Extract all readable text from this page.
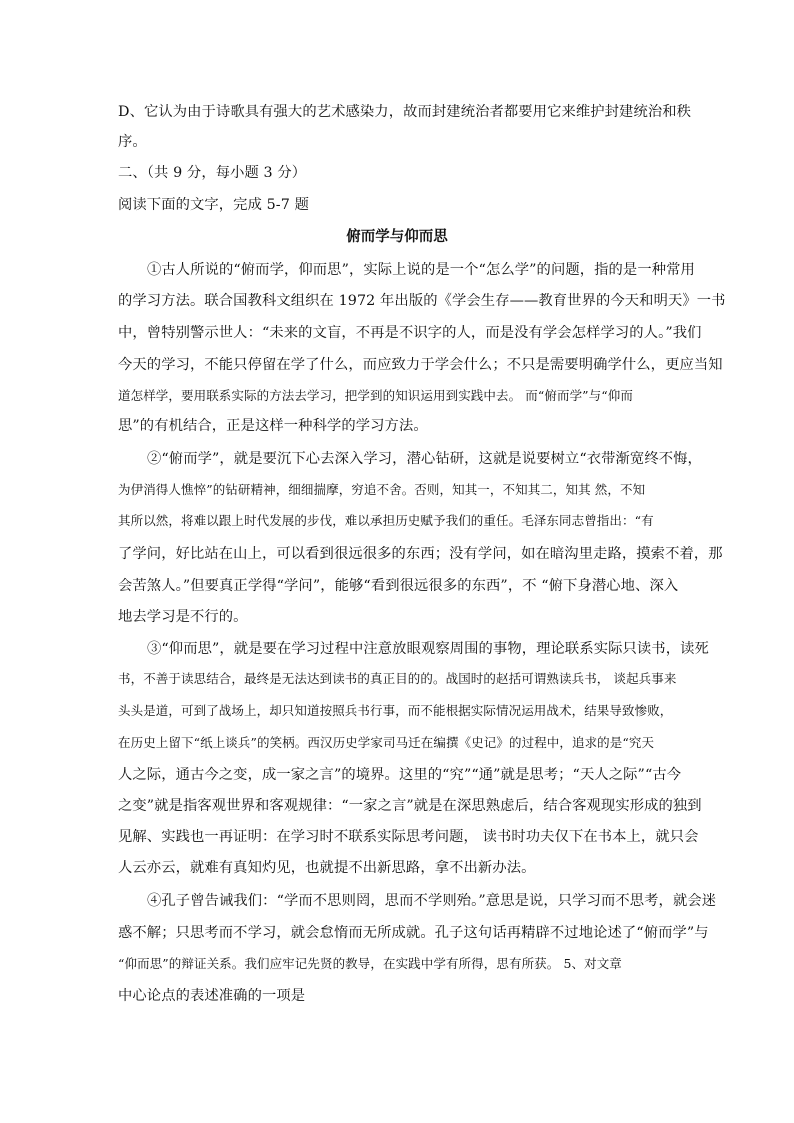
D、它认为由于诗歌具有强大的艺术感染力，故而封建统治者都要用它来维护封建统治和秩
序。
二、（共 9 分，每小题 3 分）
阅读下面的文字，完成 5-7 题
俯而学与仰而思
①古人所说的“俯而学，仰而思”，实际上说的是一个“怎么学”的问题，指的是一种常用
的学习方法。联合国教科文组织在 1972 年出版的《学会生存——教育世界的今天和明天》一书
中，曾特别警示世人：“未来的文盲，不再是不识字的人，而是没有学会怎样学习的人。”我们
今天的学习，不能只停留在学了什么，而应致力于学会什么；不只是需要明确学什么，更应当知
道怎样学，要用联系实际的方法去学习，把学到的知识运用到实践中去。 而“俯而学”与“仰而
思”的有机结合，正是这样一种科学的学习方法。
②“俯而学”，就是要沉下心去深入学习，潜心钻研，这就是说要树立“衣带渐宽终不悔，
为伊消得人憔悴”的钻研精神，细细揣摩，穷追不舍。否则，知其一，不知其二，知其 然，不知
其所以然，将难以跟上时代发展的步伐，难以承担历史赋予我们的重任。毛泽东同志曾指出：“有
了学问，好比站在山上，可以看到很远很多的东西；没有学问，如在暗沟里走路，摸索不着，那
会苦煞人。”但要真正学得“学问”，能够“看到很远很多的东西”，不 “俯下身潜心地、深入
地去学习是不行的。
③“仰而思”，就是要在学习过程中注意放眼观察周围的事物，理论联系实际只读书，读死
书，不善于读思结合，最终是无法达到读书的真正目的的。战国时的赵括可谓熟读兵书， 谈起兵事来
头头是道，可到了战场上，却只知道按照兵书行事，而不能根据实际情况运用战术，结果导致惨败，
在历史上留下“纸上谈兵”的笑柄。西汉历史学家司马迁在编撰《史记》的过程中，追求的是“究天
人之际，通古今之变，成一家之言”的境界。这里的“究”“通”就是思考；“天人之际”“古今
之变”就是指客观世界和客观规律：“一家之言”就是在深思熟虑后，结合客观现实形成的独到
见解、实践也一再证明：在学习时不联系实际思考问题， 读书时功夫仅下在书本上，就只会
人云亦云，就难有真知灼见，也就提不出新思路，拿不出新办法。
④孔子曾告诫我们：“学而不思则罔，思而不学则殆。”意思是说，只学习而不思考，就会迷
惑不解；只思考而不学习，就会怠惰而无所成就。孔子这句话再精辟不过地论述了“俯而学”与
“仰而思”的辩证关系。我们应牢记先贤的教导，在实践中学有所得，思有所获。 5、对文章
中心论点的表述准确的一项是
